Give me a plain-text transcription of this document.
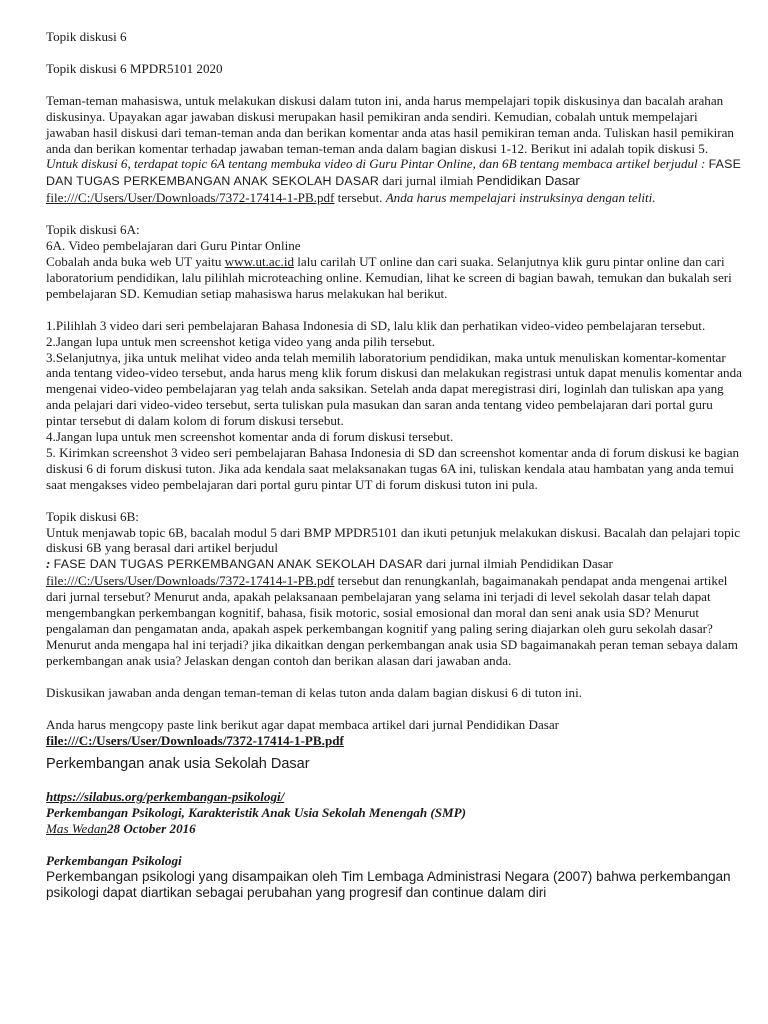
Topik diskusi 6

Topik diskusi 6 MPDR5101 2020

Teman-teman mahasiswa, untuk melakukan diskusi dalam tuton ini, anda harus mempelajari topik diskusinya dan bacalah arahan diskusinya. Upayakan agar jawaban diskusi merupakan hasil pemikiran anda sendiri. Kemudian, cobalah untuk mempelajari jawaban hasil diskusi dari teman-teman anda dan berikan komentar anda atas hasil pemikiran teman anda. Tuliskan hasil pemikiran anda dan berikan komentar terhadap jawaban teman-teman anda dalam bagian diskusi 1-12. Berikut ini adalah topik diskusi 5.

Untuk diskusi 6, terdapat topic 6A tentang membuka video di Guru Pintar Online, dan 6B tentang membaca artikel berjudul : FASE DAN TUGAS PERKEMBANGAN ANAK SEKOLAH DASAR dari jurnal ilmiah Pendidikan Dasar  file:///C:/Users/User/Downloads/7372-17414-1-PB.pdf tersebut. Anda harus mempelajari instruksinya dengan teliti.

Topik diskusi 6A:

6A. Video pembelajaran dari Guru Pintar Online

Cobalah anda buka web UT yaitu www.ut.ac.id lalu carilah UT online dan cari suaka. Selanjutnya klik guru pintar online dan cari laboratorium pendidikan, lalu pilihlah microteaching online. Kemudian, lihat ke screen di bagian bawah, temukan dan bukalah seri pembelajaran SD. Kemudian setiap mahasiswa harus melakukan hal berikut.

1.Pilihlah 3 video dari seri pembelajaran Bahasa Indonesia di SD, lalu klik dan perhatikan video-video pembelajaran tersebut.

2.Jangan lupa untuk men screenshot ketiga video yang anda pilih tersebut.

3.Selanjutnya, jika untuk melihat video anda telah memilih laboratorium pendidikan, maka untuk menuliskan komentar-komentar anda tentang video-video tersebut, anda harus meng klik forum diskusi dan melakukan registrasi untuk dapat menulis komentar anda mengenai video-video pembelajaran yag telah anda saksikan. Setelah anda dapat meregistrasi diri, loginlah dan tuliskan apa yang anda pelajari dari video-video tersebut, serta tuliskan pula masukan dan saran anda tentang video pembelajaran dari portal guru pintar tersebut di dalam kolom di forum diskusi tersebut.

4.Jangan lupa untuk men screenshot komentar anda di forum diskusi tersebut.

5. Kirimkan screenshot 3 video seri pembelajaran Bahasa Indonesia di SD dan screenshot komentar anda di forum diskusi ke bagian diskusi 6 di forum diskusi tuton. Jika ada kendala saat melaksanakan tugas 6A ini, tuliskan kendala atau hambatan yang anda temui saat mengakses video pembelajaran dari portal guru pintar UT di forum diskusi tuton ini pula.

Topik diskusi 6B:

Untuk menjawab topic 6B, bacalah modul 5 dari BMP MPDR5101 dan ikuti petunjuk melakukan diskusi. Bacalah dan pelajari topic diskusi 6B yang berasal dari artikel berjudul

: FASE DAN TUGAS PERKEMBANGAN ANAK SEKOLAH DASAR dari jurnal ilmiah Pendidikan Dasar
file:///C:/Users/User/Downloads/7372-17414-1-PB.pdf tersebut dan renungkanlah, bagaimanakah pendapat anda mengenai artikel dari jurnal tersebut? Menurut anda, apakah pelaksanaan pembelajaran yang selama ini terjadi di level sekolah dasar telah dapat mengembangkan perkembangan kognitif, bahasa, fisik motoric, sosial emosional dan moral dan seni anak usia SD? Menurut pengalaman dan pengamatan anda, apakah aspek perkembangan kognitif yang paling sering diajarkan oleh guru sekolah dasar? Menurut anda mengapa hal ini terjadi? jika dikaitkan dengan perkembangan anak usia SD bagaimanakah peran teman sebaya dalam perkembangan anak usia? Jelaskan dengan contoh dan berikan alasan dari jawaban anda.

Diskusikan jawaban anda dengan teman-teman di kelas tuton anda dalam bagian diskusi 6 di tuton ini.

Anda harus mengcopy paste link berikut agar dapat membaca artikel dari jurnal Pendidikan Dasar

file:///C:/Users/User/Downloads/7372-17414-1-PB.pdf

Perkembangan anak usia Sekolah Dasar

https://silabus.org/perkembangan-psikologi/

Perkembangan Psikologi, Karakteristik Anak Usia Sekolah Menengah (SMP)

Mas Wedan28 October 2016

Perkembangan Psikologi

Perkembangan psikologi yang disampaikan oleh Tim Lembaga Administrasi Negara (2007) bahwa perkembangan psikologi dapat diartikan sebagai perubahan yang progresif dan continue dalam diri
